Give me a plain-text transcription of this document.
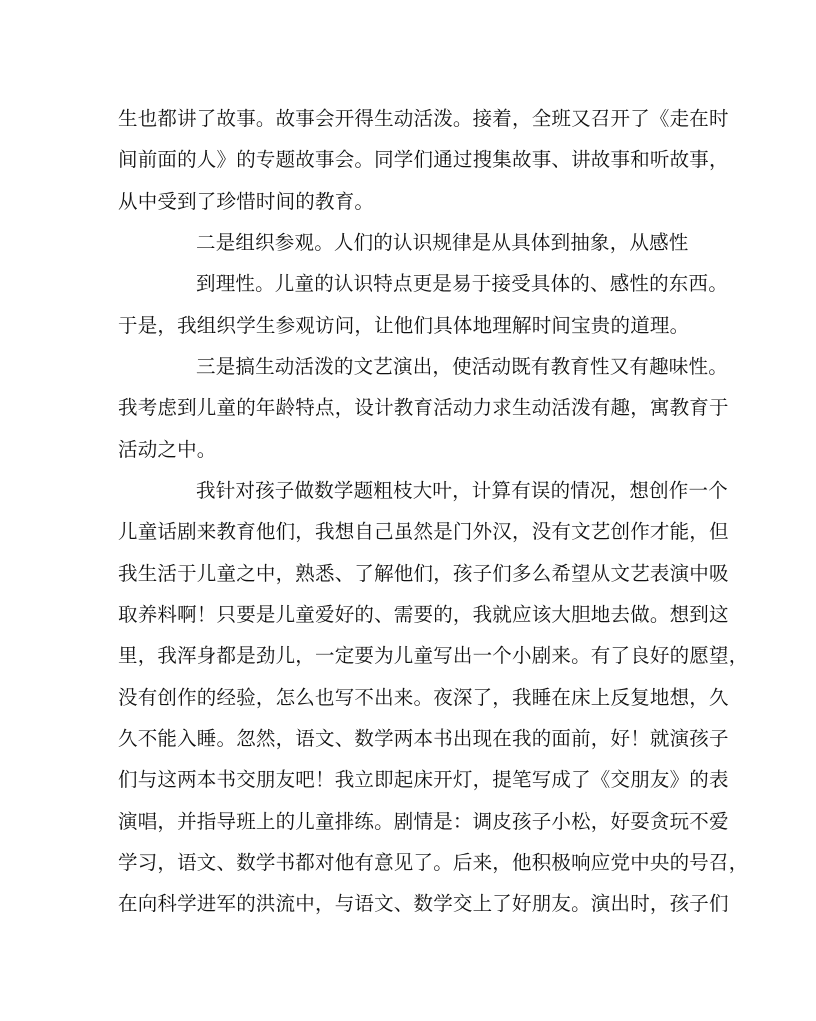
生也都讲了故事。故事会开得生动活泼。接着，全班又召开了《走在时
间前面的人》的专题故事会。同学们通过搜集故事、讲故事和听故事，
从中受到了珍惜时间的教育。
二是组织参观。人们的认识规律是从具体到抽象，从感性
到理性。儿童的认识特点更是易于接受具体的、感性的东西。
于是，我组织学生参观访问，让他们具体地理解时间宝贵的道理。
三是搞生动活泼的文艺演出，使活动既有教育性又有趣味性。
我考虑到儿童的年龄特点，设计教育活动力求生动活泼有趣，寓教育于
活动之中。
我针对孩子做数学题粗枝大叶，计算有误的情况，想创作一个
儿童话剧来教育他们，我想自己虽然是门外汉，没有文艺创作才能，但
我生活于儿童之中，熟悉、了解他们，孩子们多么希望从文艺表演中吸
取养料啊！只要是儿童爱好的、需要的，我就应该大胆地去做。想到这
里，我浑身都是劲儿，一定要为儿童写出一个小剧来。有了良好的愿望，
没有创作的经验，怎么也写不出来。夜深了，我睡在床上反复地想，久
久不能入睡。忽然，语文、数学两本书出现在我的面前，好！就演孩子
们与这两本书交朋友吧！我立即起床开灯，提笔写成了《交朋友》的表
演唱，并指导班上的儿童排练。剧情是：调皮孩子小松，好耍贪玩不爱
学习，语文、数学书都对他有意见了。后来，他积极响应党中央的号召，
在向科学进军的洪流中，与语文、数学交上了好朋友。演出时，孩子们
